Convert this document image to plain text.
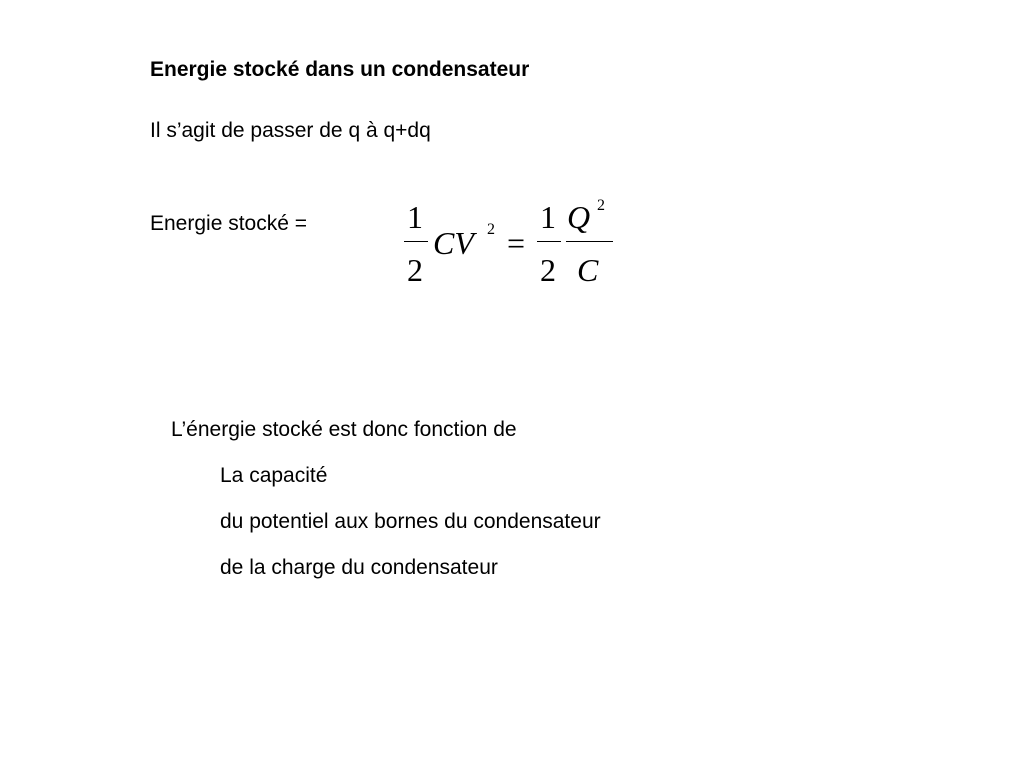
Energie stocké dans un condensateur
Il s’agit de passer de q à q+dq
Energie stocké =	1
2
CV 2 =
1
2
Q 2
C
L’énergie stocké est donc fonction de
La capacité
du potentiel aux bornes du condensateur
de la charge du condensateur
